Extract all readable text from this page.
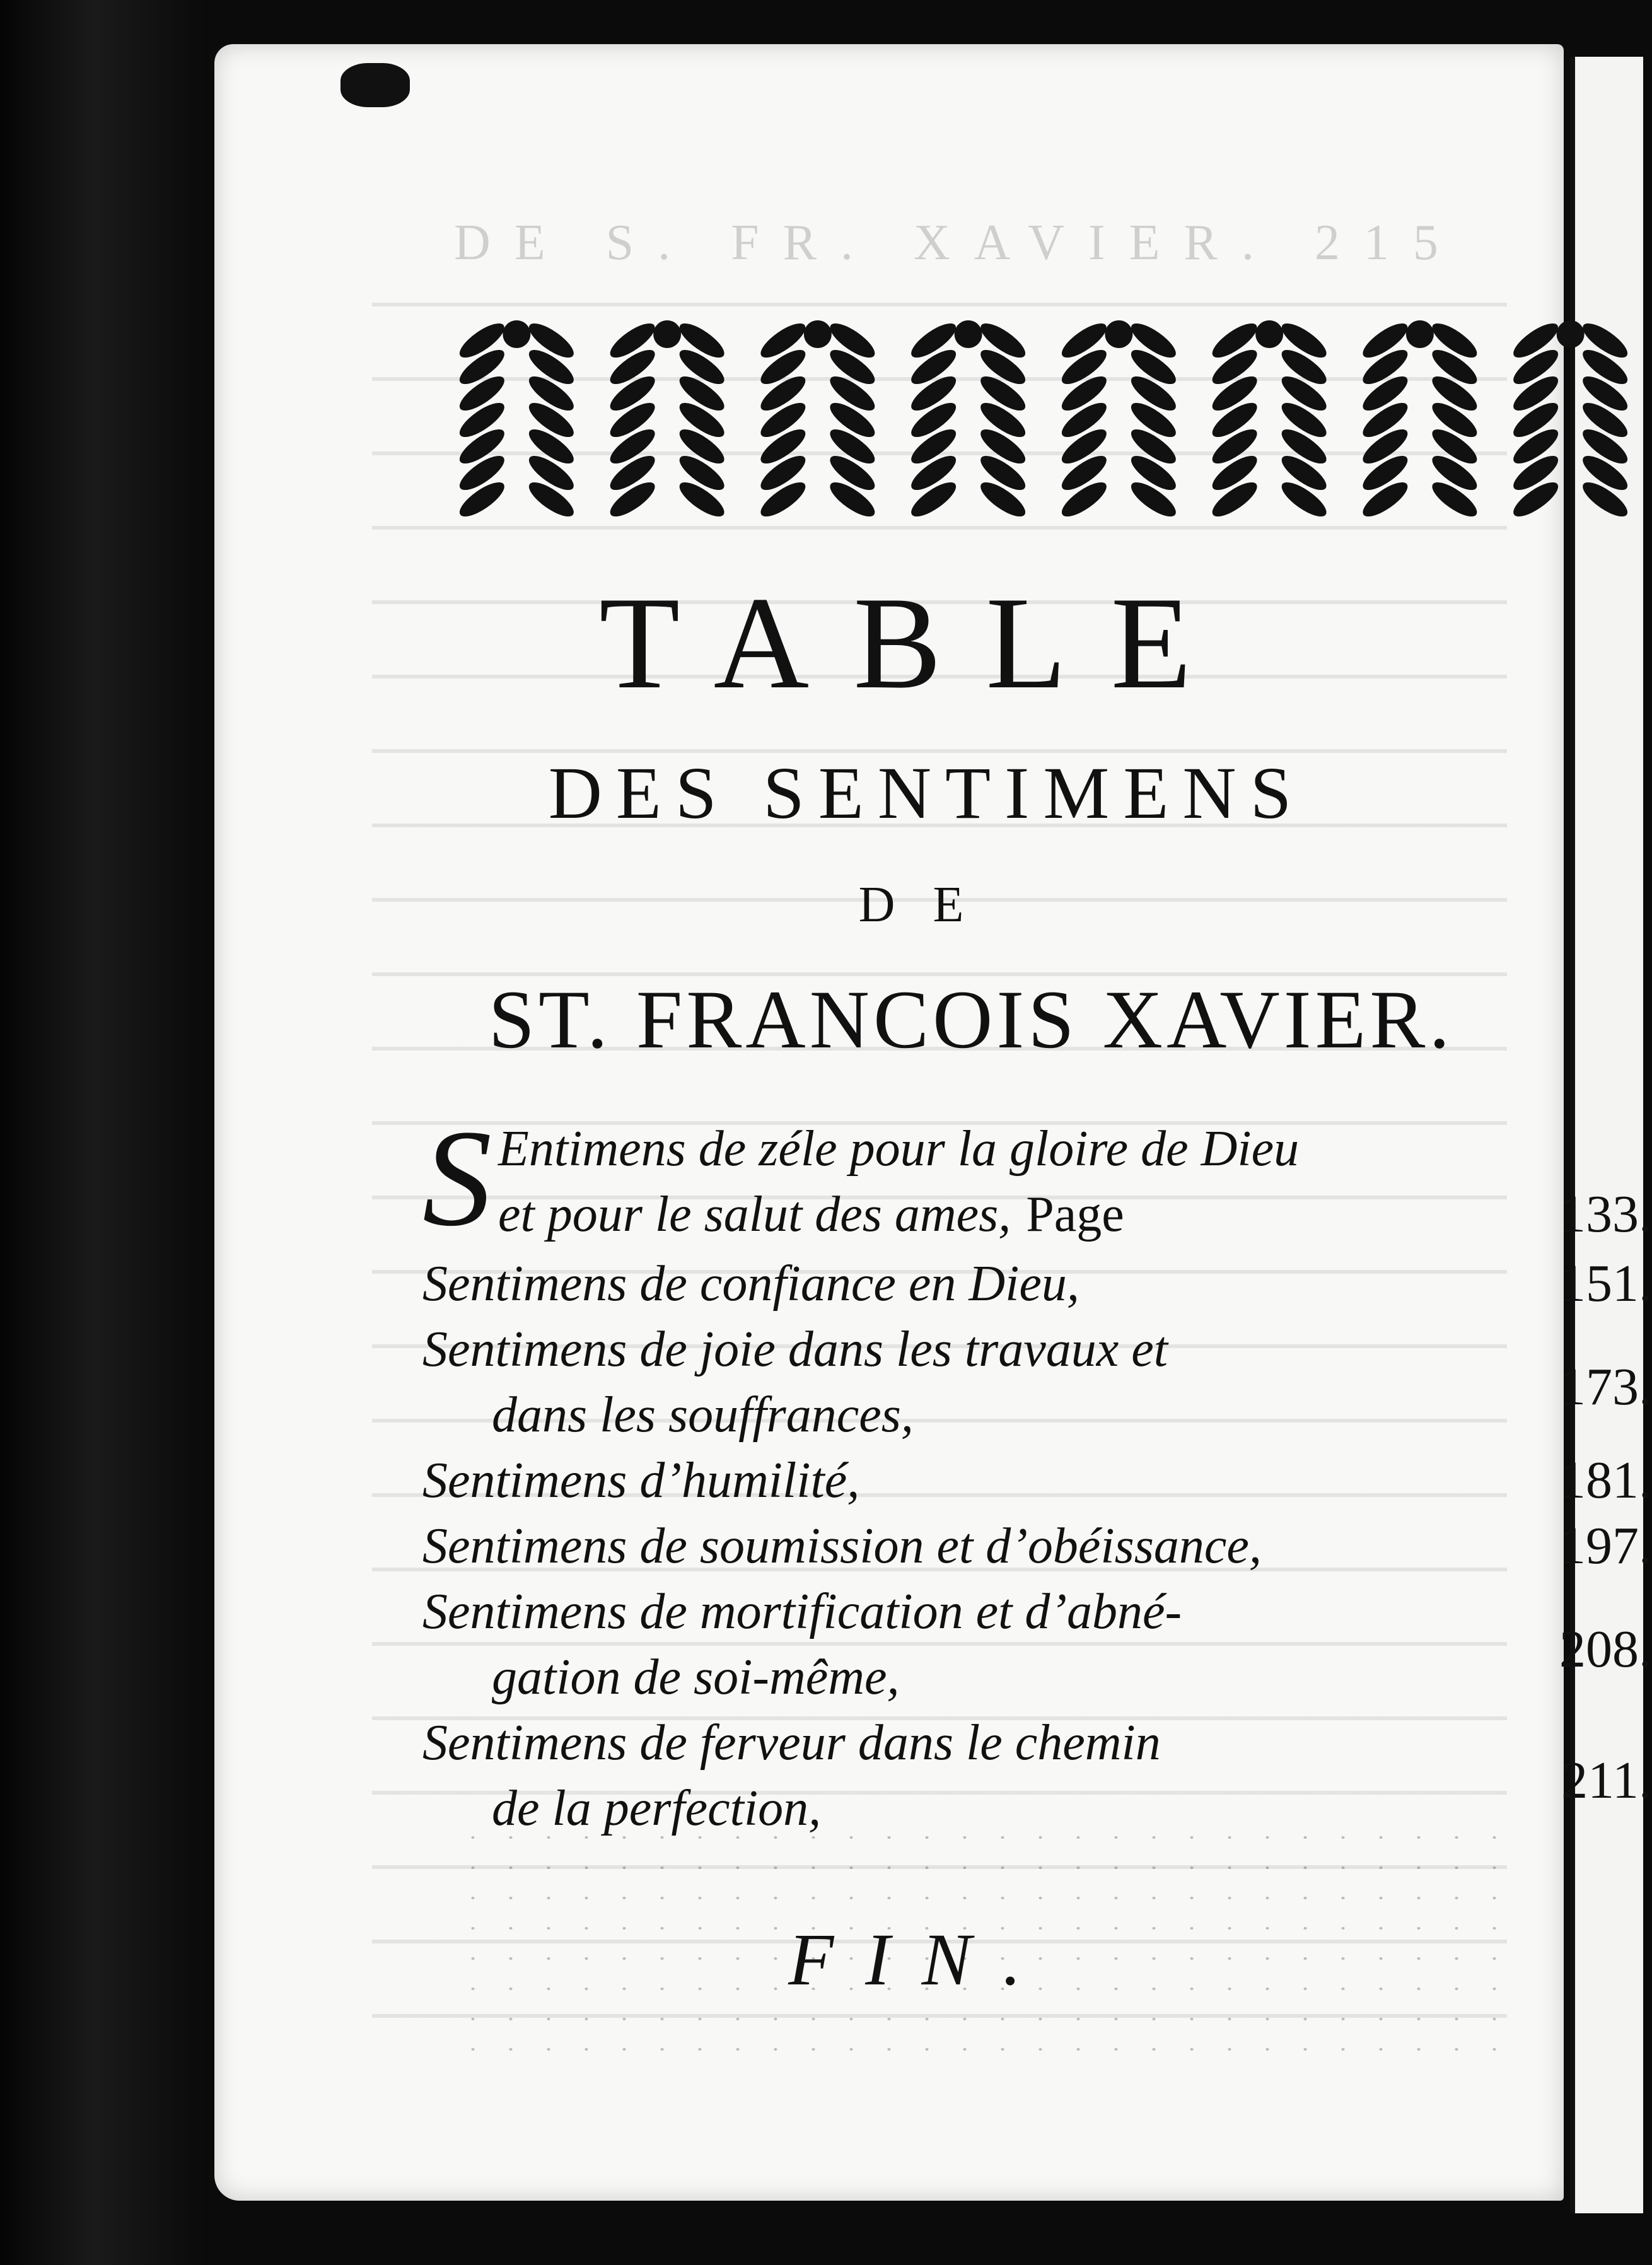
DE S. FR. XAVIER. 215
TABLE
DES SENTIMENS
DE
ST. FRANCOIS XAVIER.
S Entimens de zéle pour la gloire de Dieu
et pour le salut des ames, Page	133.
Sentimens de confiance en Dieu,	151.
Sentimens de joie dans les travaux et
dans les souffrances,	173.
Sentimens d’humilité,	181.
Sentimens de soumission et d’obéissance,	197.
Sentimens de mortification et d’abné-
gation de soi-même,	208.
Sentimens de ferveur dans le chemin
de la perfection,	211.
FIN.
